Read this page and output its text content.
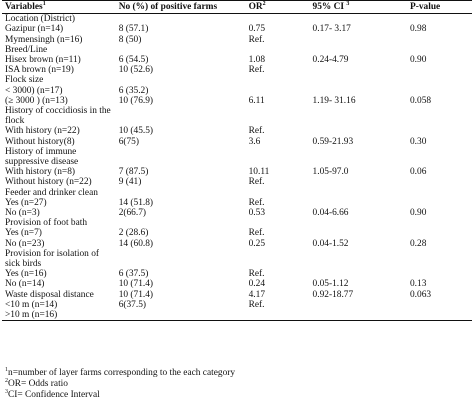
Variables$^1$	No (%) of positive farms	$OR^2$	95% CI $^3$	P-value
Location (District)				
Gazipur (n=14)	8 (57.1)	0.75	0.17- 3.17	0.98
Mymensingh (n=16)	8 (50)	Ref.		
Breed/Line				
Hisex brown (n=11)	6 (54.5)	1.08	0.24-4.79	0.90
ISA brown (n=19)	10 (52.6)	Ref.		
Flock size				
< 3000) (n=17)	6 (35.2)			
(≥ 3000 ) (n=13)	10 (76.9)	6.11	1.19- 31.16	0.058
History of coccidiosis in the flock				
With history (n=22)	10 (45.5)	Ref.		
Without history(8)	6(75)	3.6	0.59-21.93	0.30
History of immune suppressive disease				
With history (n=8)	7 (87.5)	10.11	1.05-97.0	0.06
Without history (n=22)	9 (41)	Ref.		
Feeder and drinker clean				
Yes (n=27)	14 (51.8)	Ref.		
No (n=3)	2(66.7)	0.53	0.04-6.66	0.90
Provision of foot bath				
Yes (n=7)	2 (28.6)	Ref.		
No (n=23)	14 (60.8)	0.25	0.04-1.52	0.28
Provision for isolation of sick birds				
Yes (n=16)	6 (37.5)	Ref.		
No (n=14)	10 (71.4)	0.24	0.05-1.12	0.13
Waste disposal distance	10 (71.4)	4.17	0.92-18.77	0.063
<10 m (n=14)	6(37.5)	Ref.		
>10 m (n=16)				
$^1$n=number of layer farms corresponding to the each category
$^2$OR= Odds ratio
$^3$CI= Confidence Interval
